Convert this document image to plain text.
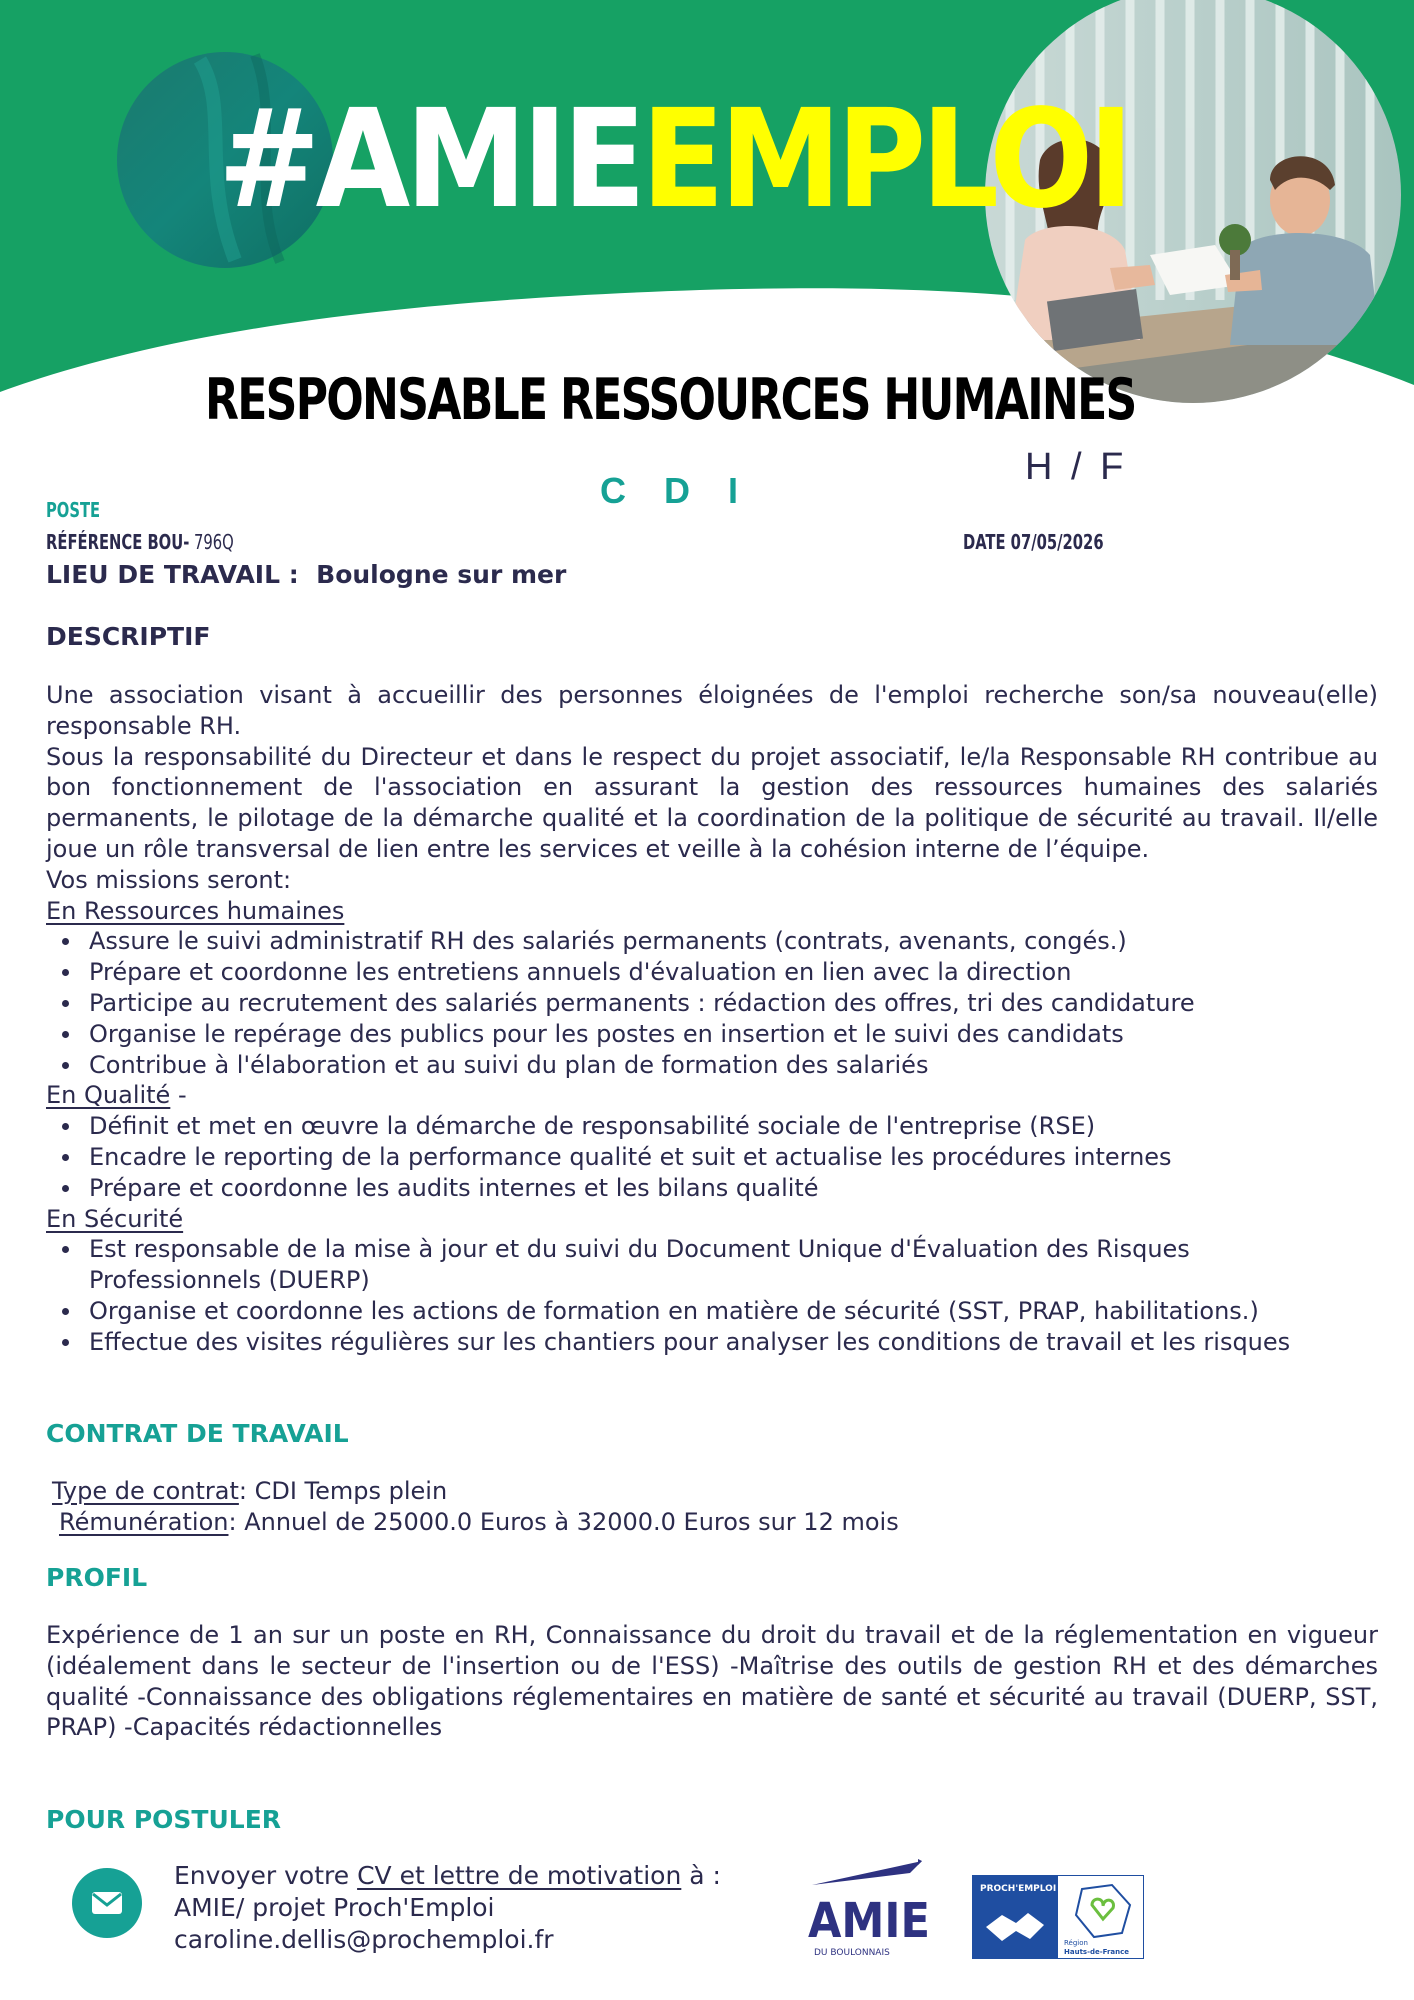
#AMIEEMPLOI
RESPONSABLE RESSOURCES HUMAINES
H / F
C D I
POSTE
RÉFÉRENCE BOU- 796Q	DATE 07/05/2026
LIEU DE TRAVAIL : Boulogne sur mer
DESCRIPTIF

Une association visant à accueillir des personnes éloignées de l'emploi recherche son/sa nouveau(elle) responsable RH.

Sous la responsabilité du Directeur et dans le respect du projet associatif, le/la Responsable RH contribue au bon fonctionnement de l'association en assurant la gestion des ressources humaines des salariés permanents, le pilotage de la démarche qualité et la coordination de la politique de sécurité au travail. Il/elle joue un rôle transversal de lien entre les services et veille à la cohésion interne de l’équipe.

Vos missions seront:

En Ressources humaines

Assure le suivi administratif RH des salariés permanents (contrats, avenants, congés.)
Prépare et coordonne les entretiens annuels d'évaluation en lien avec la direction
Participe au recrutement des salariés permanents : rédaction des offres, tri des candidature
Organise le repérage des publics pour les postes en insertion et le suivi des candidats
Contribue à l'élaboration et au suivi du plan de formation des salariés

En Qualité -

Définit et met en œuvre la démarche de responsabilité sociale de l'entreprise (RSE)
Encadre le reporting de la performance qualité et suit et actualise les procédures internes
Prépare et coordonne les audits internes et les bilans qualité

En Sécurité

Est responsable de la mise à jour et du suivi du Document Unique d'Évaluation des Risques Professionnels (DUERP)
Organise et coordonne les actions de formation en matière de sécurité (SST, PRAP, habilitations.)
Effectue des visites régulières sur les chantiers pour analyser les conditions de travail et les risques
CONTRAT DE TRAVAIL

Type de contrat: CDI Temps plein

Rémunération: Annuel de 25000.0 Euros à 32000.0 Euros sur 12 mois

PROFIL

Expérience de 1 an sur un poste en RH, Connaissance du droit du travail et de la réglementation en vigueur (idéalement dans le secteur de l'insertion ou de l'ESS) -Maîtrise des outils de gestion RH et des démarches qualité -Connaissance des obligations réglementaires en matière de santé et sécurité au travail (DUERP, SST, PRAP) -Capacités rédactionnelles

POUR POSTULER
Envoyer votre CV et lettre de motivation à :
AMIE/ projet Proch'Emploi
caroline.dellis@prochemploi.fr	AMIE
DU BOULONNAIS
PROCH'EMPLOI
Région
Hauts-de-France
